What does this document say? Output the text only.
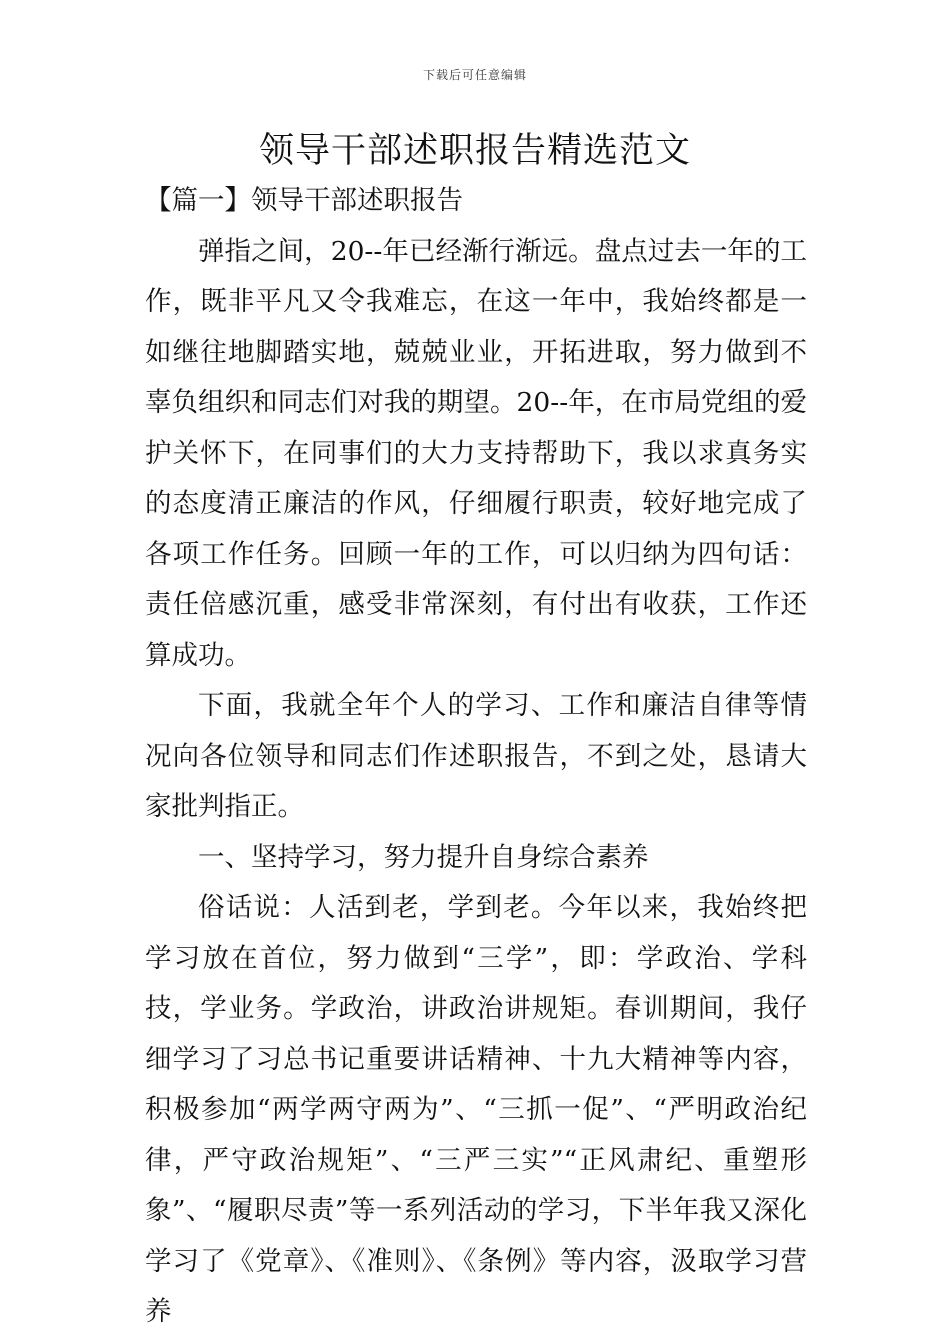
下载后可任意编辑
领导干部述职报告精选范文

【篇一】领导干部述职报告

弹指之间，20--年已经渐行渐远。盘点过去一年的工作，既非平凡又令我难忘，在这一年中，我始终都是一如继往地脚踏实地，兢兢业业，开拓进取，努力做到不辜负组织和同志们对我的期望。20--年，在市局党组的爱护关怀下，在同事们的大力支持帮助下，我以求真务实的态度清正廉洁的作风，仔细履行职责，较好地完成了各项工作任务。回顾一年的工作，可以归纳为四句话：责任倍感沉重，感受非常深刻，有付出有收获，工作还算成功。

下面，我就全年个人的学习、工作和廉洁自律等情况向各位领导和同志们作述职报告，不到之处，恳请大家批判指正。

一、坚持学习，努力提升自身综合素养

俗话说：人活到老，学到老。今年以来，我始终把学习放在首位，努力做到“三学”，即：学政治、学科技，学业务。学政治，讲政治讲规矩。春训期间，我仔细学习了习总书记重要讲话精神、十九大精神等内容，积极参加“两学两守两为”、“三抓一促”、“严明政治纪律，严守政治规矩”、“三严三实”“正风肃纪、重塑形象”、“履职尽责”等一系列活动的学习，下半年我又深化学习了《党章》、《准则》、《条例》等内容，汲取学习营养
